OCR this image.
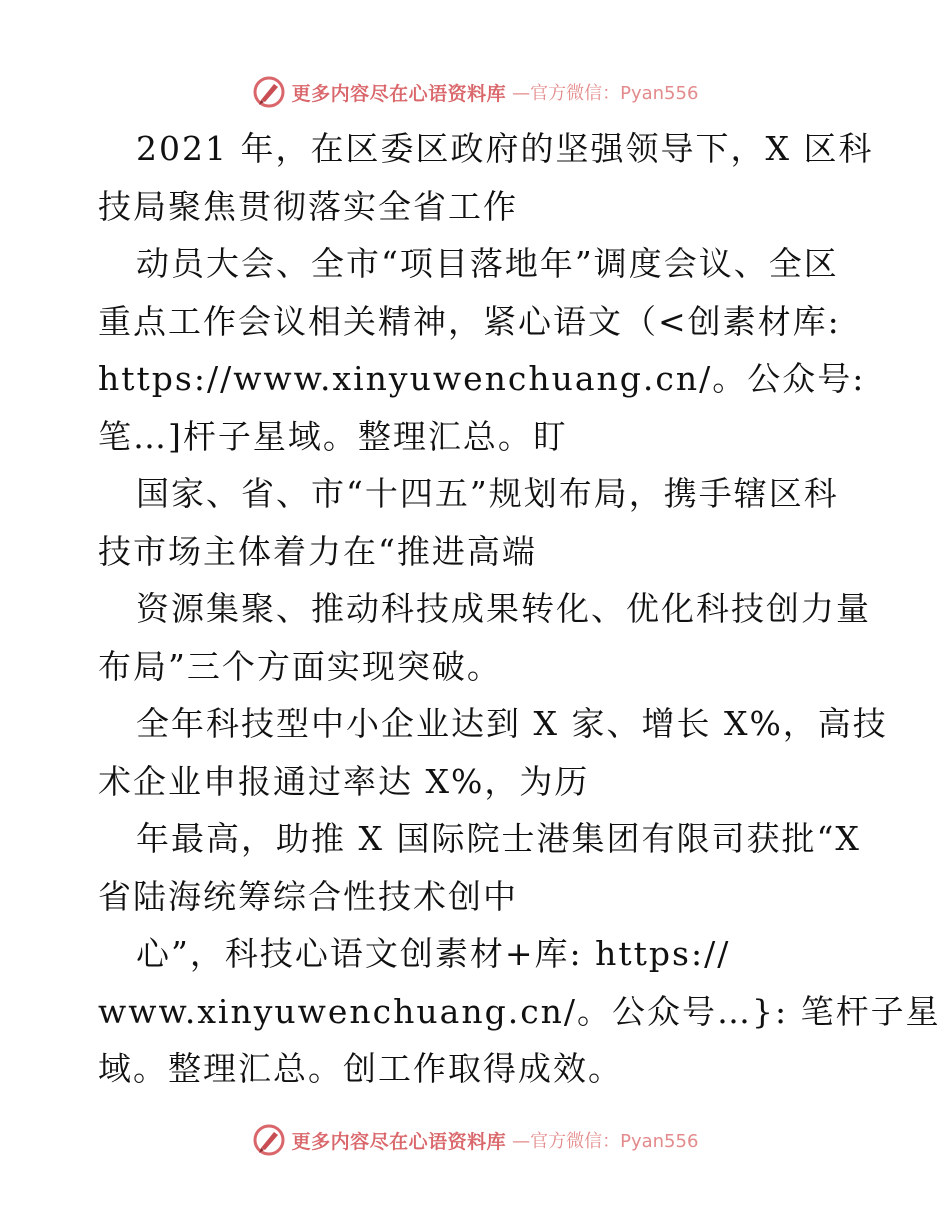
更多内容尽在心语资料库 —官方微信：Pyan556
2021 年，在区委区政府的坚强领导下，X 区科
技局聚焦贯彻落实全省工作
动员大会、全市“项目落地年”调度会议、全区
重点工作会议相关精神，紧心语文（<创素材库:
https://www.xinyuwenchuang.cn/。公众号:
笔…]杆子星域。整理汇总。盯
国家、省、市“十四五”规划布局，携手辖区科
技市场主体着力在“推进高端
资源集聚、推动科技成果转化、优化科技创力量
布局”三个方面实现突破。
全年科技型中小企业达到 X 家、增长 X%，高技
术企业申报通过率达 X%，为历
年最高，助推 X 国际院士港集团有限司获批“X
省陆海统筹综合性技术创中
心”，科技心语文创素材+库: https://
www.xinyuwenchuang.cn/。公众号…}: 笔杆子星
域。整理汇总。创工作取得成效。
更多内容尽在心语资料库 —官方微信：Pyan556
